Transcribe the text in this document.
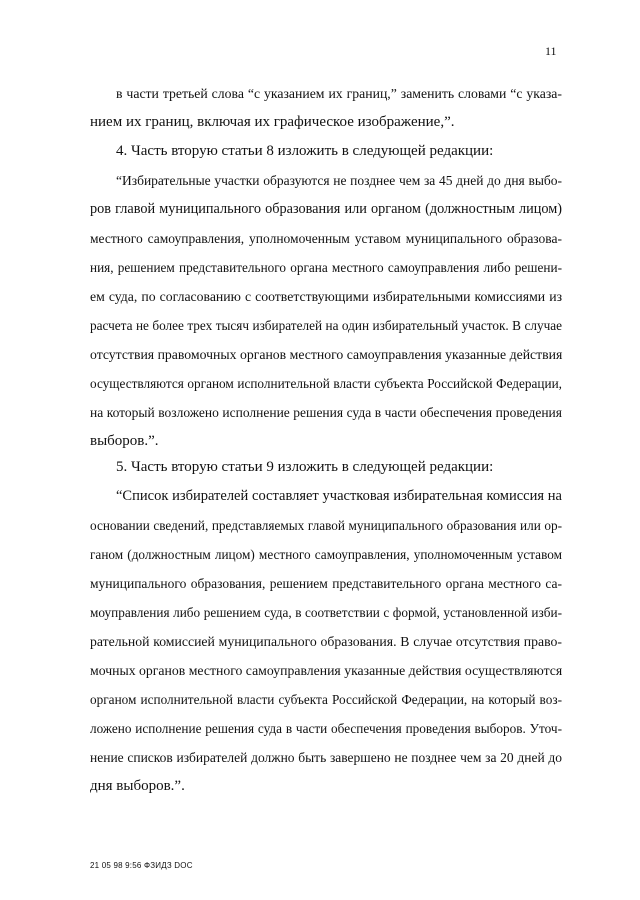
11
в части третьей слова “с указанием их границ,” заменить словами “с указа-
нием их границ, включая их графическое изображение,”.
4. Часть вторую статьи 8 изложить в следующей редакции:
“Избирательные участки образуются не позднее чем за 45 дней до дня выбо-
ров главой муниципального образования или органом (должностным лицом)
местного самоуправления, уполномоченным уставом муниципального образова-
ния, решением представительного органа местного самоуправления либо решени-
ем суда, по согласованию с соответствующими избирательными комиссиями из
расчета не более трех тысяч избирателей на один избирательный участок. В случае
отсутствия правомочных органов местного самоуправления указанные действия
осуществляются органом исполнительной власти субъекта Российской Федерации,
на который возложено исполнение решения суда в части обеспечения проведения
выборов.”.
5. Часть вторую статьи 9 изложить в следующей редакции:
“Список избирателей составляет участковая избирательная комиссия на
основании сведений, представляемых главой муниципального образования или ор-
ганом (должностным лицом) местного самоуправления, уполномоченным уставом
муниципального образования, решением представительного органа местного са-
моуправления либо решением суда, в соответствии с формой, установленной изби-
рательной комиссией муниципального образования. В случае отсутствия право-
мочных органов местного самоуправления указанные действия осуществляются
органом исполнительной власти субъекта Российской Федерации, на который воз-
ложено исполнение решения суда в части обеспечения проведения выборов. Уточ-
нение списков избирателей должно быть завершено не позднее чем за 20 дней до
дня выборов.”.
21 05 98 9:56 ФЗИДЗ DOC
